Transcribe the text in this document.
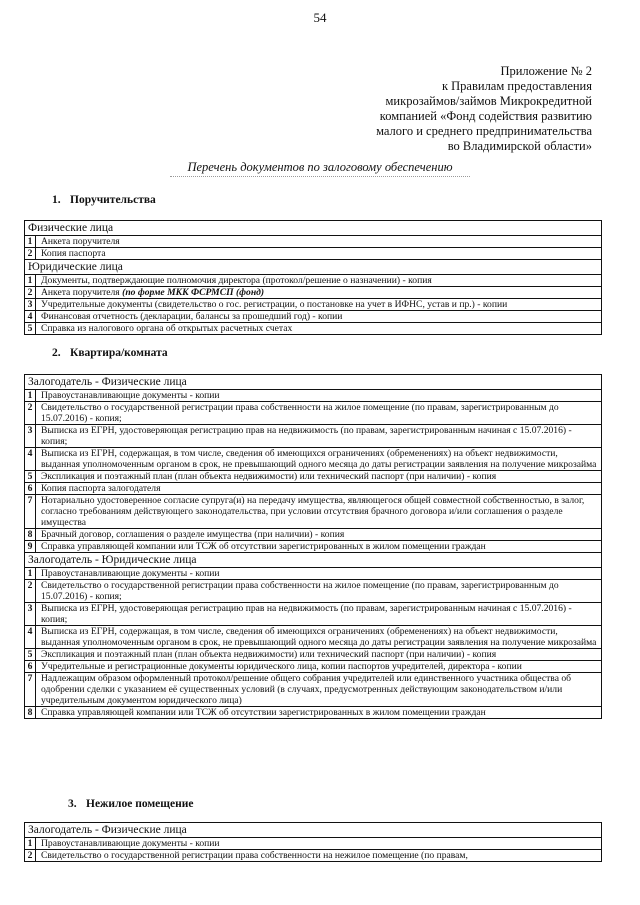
54
Приложение № 2
к Правилам предоставления
микрозаймов/займов Микрокредитной
компанией «Фонд содействия развитию
малого и среднего предпринимательства
во Владимирской области»
Перечень документов по залоговому обеспечению
1. Поручительства
Физические лица	
1	Анкета поручителя
2	Копия паспорта
Юридические лица	
1	Документы, подтверждающие полномочия директора (протокол/решение о назначении) - копия
2	Анкета поручителя (по форме МКК ФСРМСП (фонд)
3	Учредительные документы (свидетельство о гос. регистрации, о постановке на учет в ИФНС, устав и пр.) - копии
4	Финансовая отчетность (декларации, балансы за прошедший год) - копии
5	Справка из налогового органа об открытых расчетных счетах
2. Квартира/комната
Залогодатель - Физические лица	
1	Правоустанавливающие документы - копии
2	Свидетельство о государственной регистрации права собственности на жилое помещение (по правам, зарегистрированным до 15.07.2016) - копия;
3	Выписка из ЕГРН, удостоверяющая регистрацию прав на недвижимость (по правам, зарегистрированным начиная с 15.07.2016) - копия;
4	Выписка из ЕГРН, содержащая, в том числе, сведения об имеющихся ограничениях (обременениях) на объект недвижимости, выданная уполномоченным органом в срок, не превышающий одного месяца до даты регистрации заявления на получение микрозайма
5	Экспликация и поэтажный план (план объекта недвижимости) или технический паспорт (при наличии) - копия
6	Копия паспорта залогодателя
7	Нотариально удостоверенное согласие супруга(и) на передачу имущества, являющегося общей совместной собственностью, в залог, согласно требованиям действующего законодательства, при условии отсутствия брачного договора и/или соглашения о разделе имущества
8	Брачный договор, соглашения о разделе имущества (при наличии) - копия
9	Справка управляющей компании или ТСЖ об отсутствии зарегистрированных в жилом помещении граждан
Залогодатель - Юридические лица	
1	Правоустанавливающие документы - копии
2	Свидетельство о государственной регистрации права собственности на жилое помещение (по правам, зарегистрированным до 15.07.2016) - копия;
3	Выписка из ЕГРН, удостоверяющая регистрацию прав на недвижимость (по правам, зарегистрированным начиная с 15.07.2016) - копия;
4	Выписка из ЕГРН, содержащая, в том числе, сведения об имеющихся ограничениях (обременениях) на объект недвижимости, выданная уполномоченным органом в срок, не превышающий одного месяца до даты регистрации заявления на получение микрозайма
5	Экспликация и поэтажный план (план объекта недвижимости) или технический паспорт (при наличии) - копия
6	Учредительные и регистрационные документы юридического лица, копии паспортов учредителей, директора - копии
7	Надлежащим образом оформленный протокол/решение общего собрания учредителей или единственного участника общества об одобрении сделки с указанием её существенных условий (в случаях, предусмотренных действующим законодательством и/или учредительным документом юридического лица)
8	Справка управляющей компании или ТСЖ об отсутствии зарегистрированных в жилом помещении граждан
3. Нежилое помещение
Залогодатель - Физические лица	
1	Правоустанавливающие документы - копии
2	Свидетельство о государственной регистрации права собственности на нежилое помещение (по правам,
